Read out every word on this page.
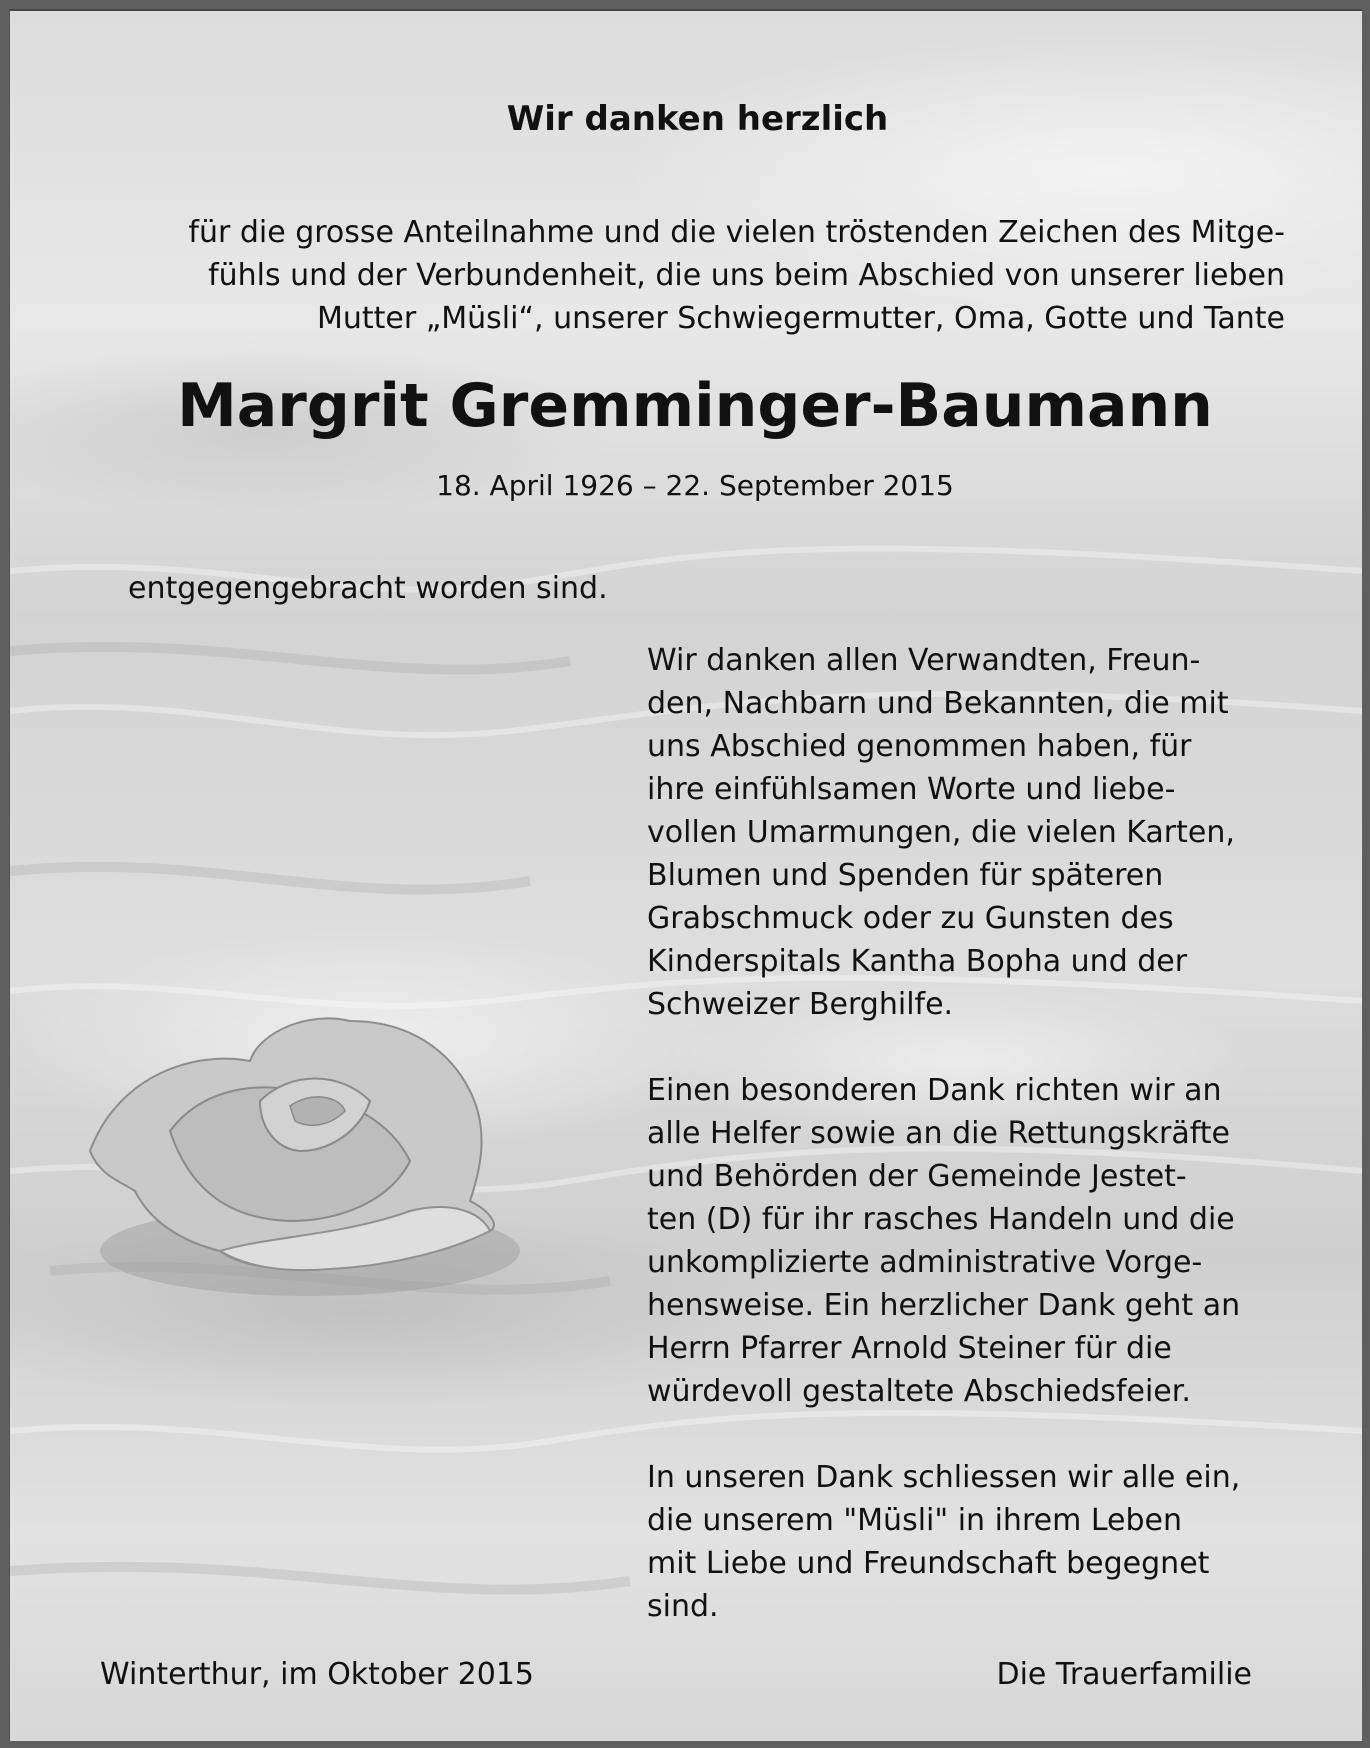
Wir danken herzlich
für die grosse Anteilnahme und die vielen tröstenden Zeichen des Mitge-
fühls und der Verbundenheit, die uns beim Abschied von unserer lieben
Mutter „Müsli“, unserer Schwiegermutter, Oma, Gotte und Tante
Margrit Gremminger-Baumann
18. April 1926 – 22. September 2015
entgegengebracht worden sind.

Wir danken allen Verwandten, Freun-
den, Nachbarn und Bekannten, die mit
uns Abschied genommen haben, für
ihre einfühlsamen Worte und liebe-
vollen Umarmungen, die vielen Karten,
Blumen und Spenden für späteren
Grabschmuck oder zu Gunsten des
Kinderspitals Kantha Bopha und der
Schweizer Berghilfe.

Einen besonderen Dank richten wir an
alle Helfer sowie an die Rettungskräfte
und Behörden der Gemeinde Jestet-
ten (D) für ihr rasches Handeln und die
unkomplizierte administrative Vorge-
hensweise. Ein herzlicher Dank geht an
Herrn Pfarrer Arnold Steiner für die
würdevoll gestaltete Abschiedsfeier.

In unseren Dank schliessen wir alle ein,
die unserem "Müsli" in ihrem Leben
mit Liebe und Freundschaft begegnet
sind.

Winterthur, im Oktober 2015	Die Trauerfamilie
